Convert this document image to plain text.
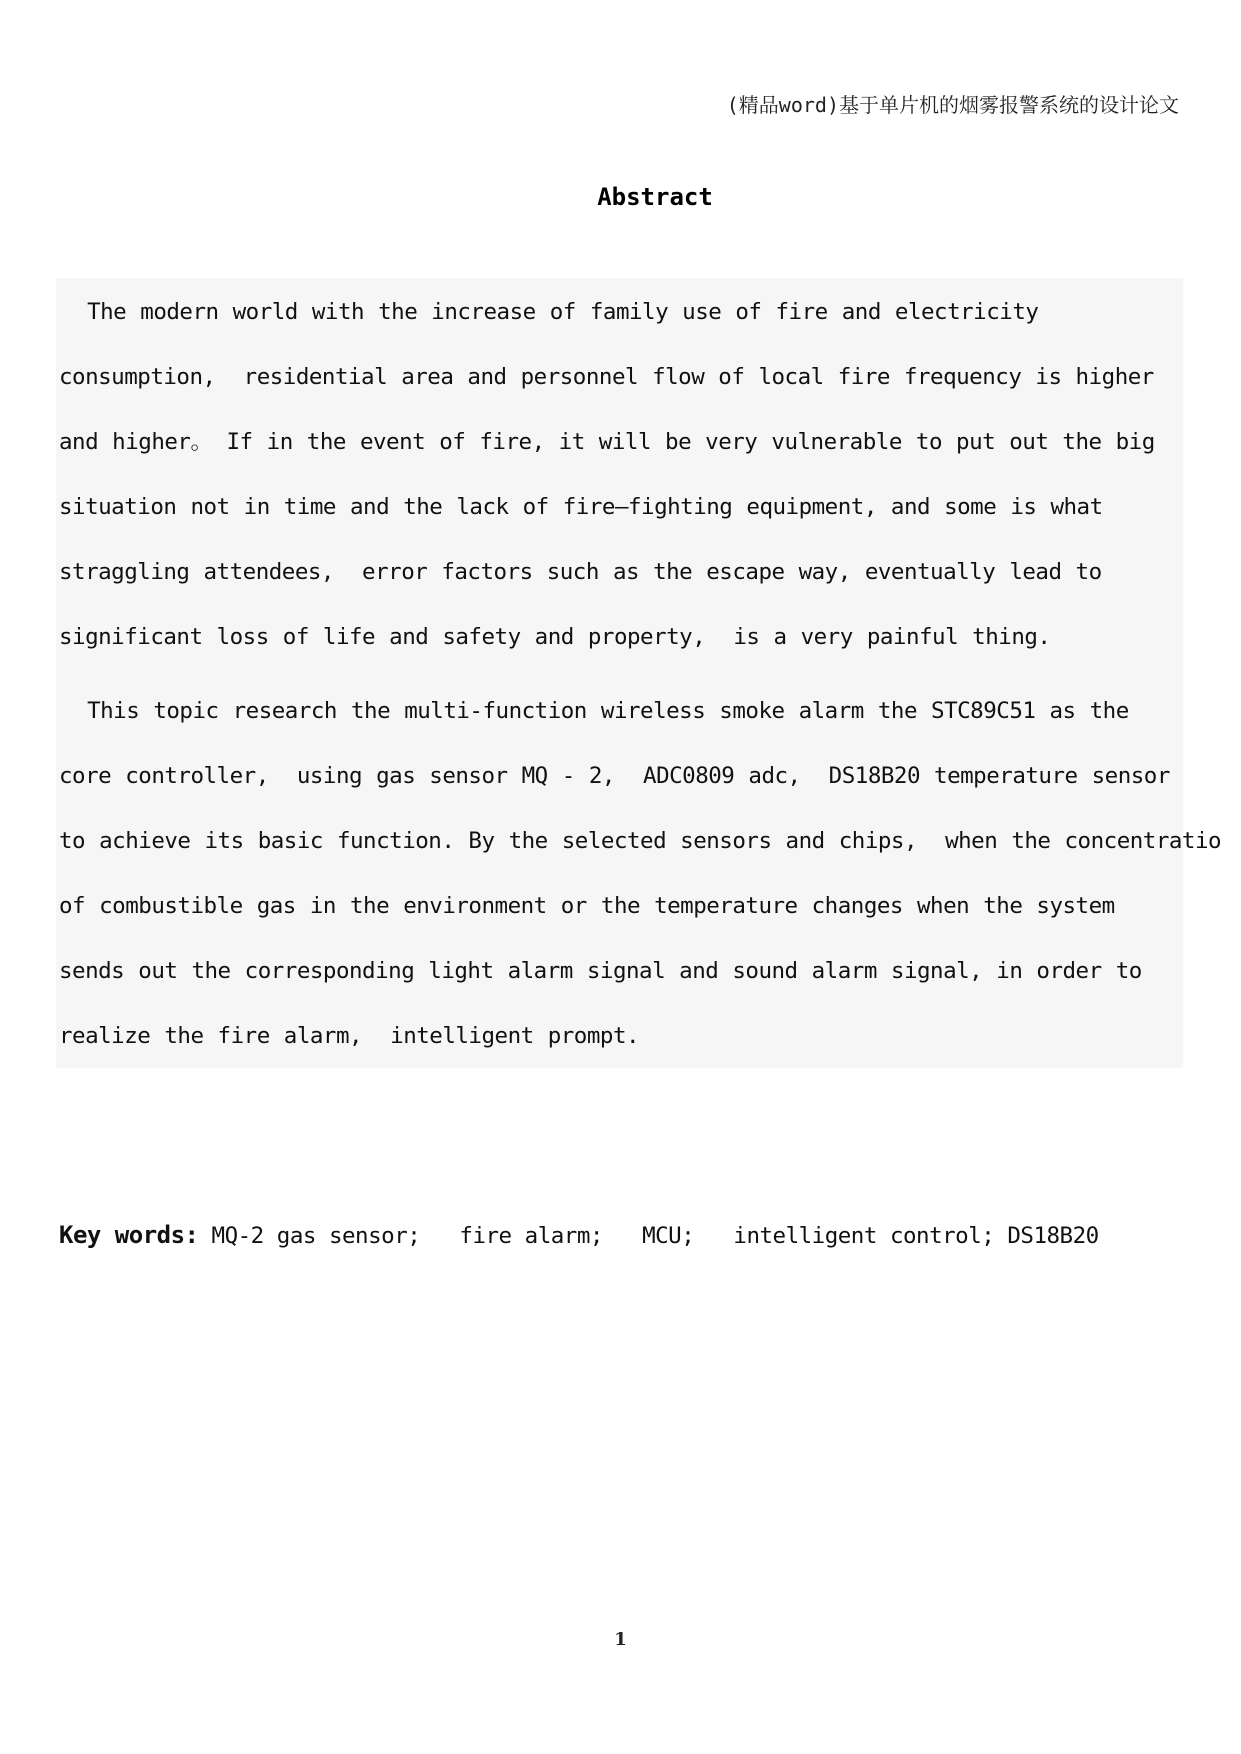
(精品word)基于单片机的烟雾报警系统的设计论文
Abstract
The modern world with the increase of family use of fire and electricity
consumption,  residential area and personnel flow of local fire frequency is higher
and higher。 If in the event of fire, it will be very vulnerable to put out the big
situation not in time and the lack of fire—fighting equipment, and some is what
straggling attendees,  error factors such as the escape way, eventually lead to
significant loss of life and safety and property,  is a very painful thing.
This topic research the multi-function wireless smoke alarm the STC89C51 as the
core controller,  using gas sensor MQ - 2,  ADC0809 adc,  DS18B20 temperature sensor
to achieve its basic function. By the selected sensors and chips,  when the concentratio
of combustible gas in the environment or the temperature changes when the system
sends out the corresponding light alarm signal and sound alarm signal, in order to
realize the fire alarm,  intelligent prompt.
Key words: MQ-2 gas sensor;   fire alarm;   MCU;   intelligent control; DS18B20
1
